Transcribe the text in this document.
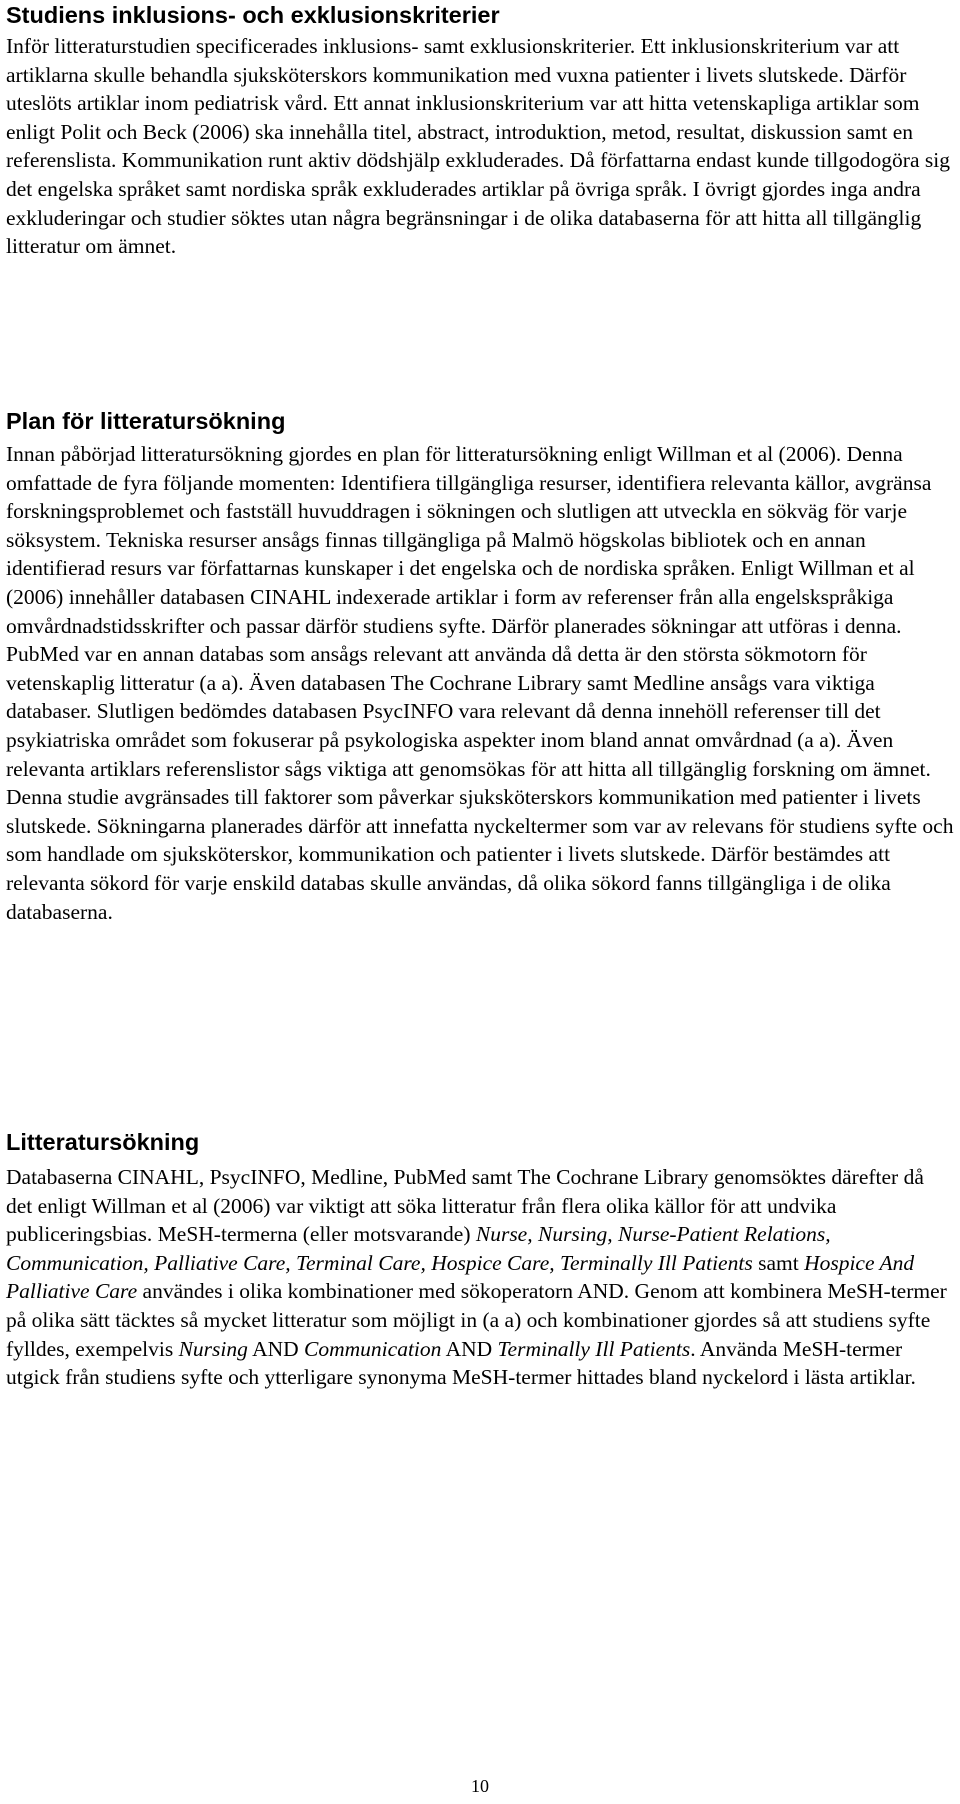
Studiens inklusions- och exklusionskriterier

Inför litteraturstudien specificerades inklusions- samt exklusionskriterier. Ett inklusionskriterium var att artiklarna skulle behandla sjuksköterskors kommunikation med vuxna patienter i livets slutskede. Därför uteslöts artiklar inom pediatrisk vård. Ett annat inklusionskriterium var att hitta vetenskapliga artiklar som enligt Polit och Beck (2006) ska innehålla titel, abstract, introduktion, metod, resultat, diskussion samt en referenslista. Kommunikation runt aktiv dödshjälp exkluderades. Då författarna endast kunde tillgodogöra sig det engelska språket samt nordiska språk exkluderades artiklar på övriga språk. I övrigt gjordes inga andra exkluderingar och studier söktes utan några begränsningar i de olika databaserna för att hitta all tillgänglig litteratur om ämnet.

Plan för litteratursökning

Innan påbörjad litteratursökning gjordes en plan för litteratursökning enligt Willman et al (2006). Denna omfattade de fyra följande momenten: Identifiera tillgängliga resurser, identifiera relevanta källor, avgränsa forskningsproblemet och fastställ huvuddragen i sökningen och slutligen att utveckla en sökväg för varje söksystem. Tekniska resurser ansågs finnas tillgängliga på Malmö högskolas bibliotek och en annan identifierad resurs var författarnas kunskaper i det engelska och de nordiska språken. Enligt Willman et al (2006) innehåller databasen CINAHL indexerade artiklar i form av referenser från alla engelskspråkiga omvårdnadstidsskrifter och passar därför studiens syfte. Därför planerades sökningar att utföras i denna. PubMed var en annan databas som ansågs relevant att använda då detta är den största sökmotorn för vetenskaplig litteratur (a a). Även databasen The Cochrane Library samt Medline ansågs vara viktiga databaser. Slutligen bedömdes databasen PsycINFO vara relevant då denna innehöll referenser till det psykiatriska området som fokuserar på psykologiska aspekter inom bland annat omvårdnad (a a). Även relevanta artiklars referenslistor sågs viktiga att genomsökas för att hitta all tillgänglig forskning om ämnet. Denna studie avgränsades till faktorer som påverkar sjuksköterskors kommunikation med patienter i livets slutskede. Sökningarna planerades därför att innefatta nyckeltermer som var av relevans för studiens syfte och som handlade om sjuksköterskor, kommunikation och patienter i livets slutskede. Därför bestämdes att relevanta sökord för varje enskild databas skulle användas, då olika sökord fanns tillgängliga i de olika databaserna.

Litteratursökning

Databaserna CINAHL, PsycINFO, Medline, PubMed samt The Cochrane Library genomsöktes därefter då det enligt Willman et al (2006) var viktigt att söka litteratur från flera olika källor för att undvika publiceringsbias. MeSH-termerna (eller motsvarande) Nurse, Nursing, Nurse-Patient Relations, Communication, Palliative Care, Terminal Care, Hospice Care, Terminally Ill Patients samt Hospice And Palliative Care användes i olika kombinationer med sökoperatorn AND. Genom att kombinera MeSH-termer på olika sätt täcktes så mycket litteratur som möjligt in (a a) och kombinationer gjordes så att studiens syfte fylldes, exempelvis Nursing AND Communication AND Terminally Ill Patients. Använda MeSH-termer utgick från studiens syfte och ytterligare synonyma MeSH-termer hittades bland nyckelord i lästa artiklar.

10
